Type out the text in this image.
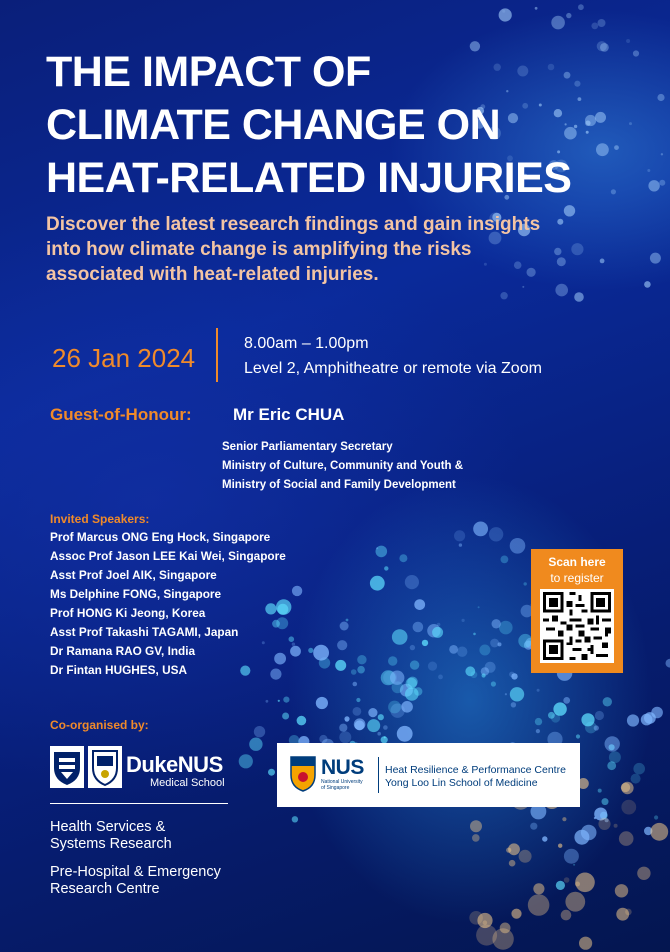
THE IMPACT OF
CLIMATE CHANGE ON
HEAT-RELATED INJURIES
Discover the latest research findings and gain insights
into how climate change is amplifying the risks
associated with heat-related injuries.
26 Jan 2024	8.00am – 1.00pm
Level 2, Amphitheatre or remote via Zoom
Guest-of-Honour: Mr Eric CHUA
Senior Parliamentary Secretary
Ministry of Culture, Community and Youth &
Ministry of Social and Family Development
Invited Speakers:
Prof Marcus ONG Eng Hock, Singapore
Assoc Prof Jason LEE Kai Wei, Singapore
Asst Prof Joel AIK, Singapore
Ms Delphine FONG, Singapore
Prof HONG Ki Jeong, Korea
Asst Prof Takashi TAGAMI, Japan
Dr Ramana RAO GV, India
Dr Fintan HUGHES, USA
Scan here
to register
Co-organised by:
DukeNUS
Medical School
Health Services &
Systems Research
Pre-Hospital & Emergency
Research Centre
NUS
National University
of Singapore
Heat Resilience & Performance Centre
Yong Loo Lin School of Medicine
